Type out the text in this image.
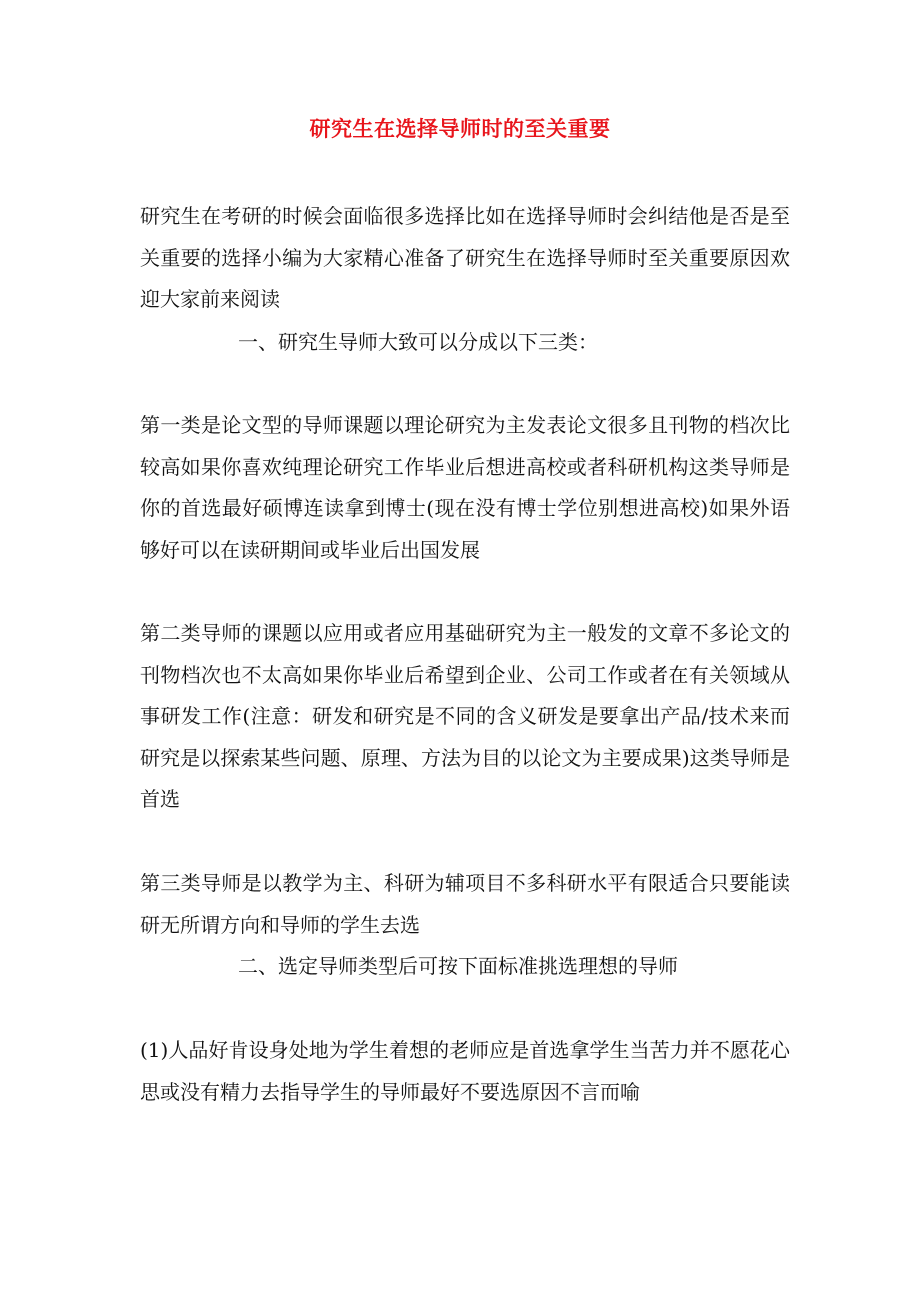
研究生在选择导师时的至关重要

研究生在考研的时候会面临很多选择比如在选择导师时会纠结他是否是至关重要的选择小编为大家精心准备了研究生在选择导师时至关重要原因欢迎大家前来阅读

一、研究生导师大致可以分成以下三类：

第一类是论文型的导师课题以理论研究为主发表论文很多且刊物的档次比较高如果你喜欢纯理论研究工作毕业后想进高校或者科研机构这类导师是你的首选最好硕博连读拿到博士(现在没有博士学位别想进高校)如果外语够好可以在读研期间或毕业后出国发展

第二类导师的课题以应用或者应用基础研究为主一般发的文章不多论文的刊物档次也不太高如果你毕业后希望到企业、公司工作或者在有关领域从事研发工作(注意：研发和研究是不同的含义研发是要拿出产品/技术来而研究是以探索某些问题、原理、方法为目的以论文为主要成果)这类导师是首选

第三类导师是以教学为主、科研为辅项目不多科研水平有限适合只要能读研无所谓方向和导师的学生去选

二、选定导师类型后可按下面标准挑选理想的导师

(1)人品好肯设身处地为学生着想的老师应是首选拿学生当苦力并不愿花心思或没有精力去指导学生的导师最好不要选原因不言而喻
